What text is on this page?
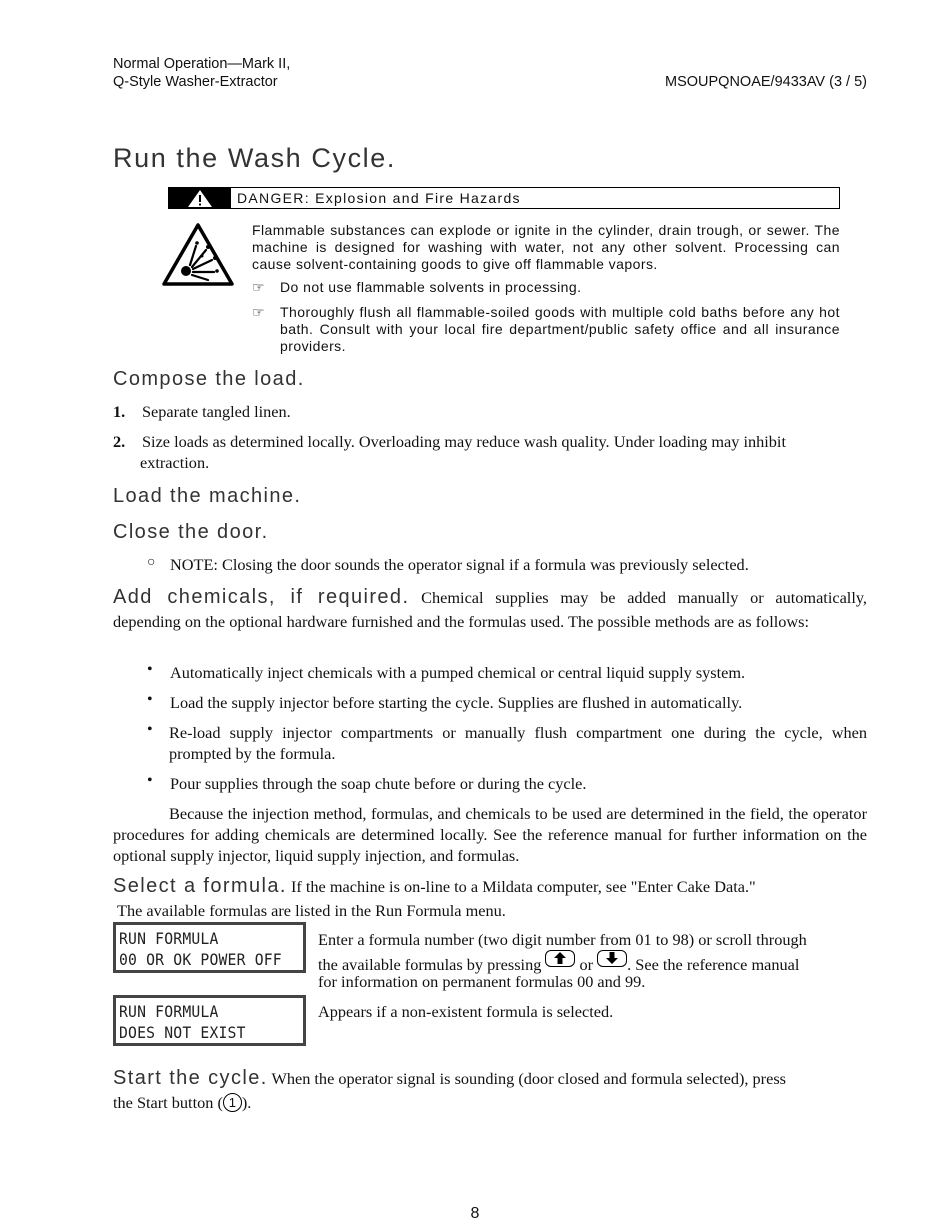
Normal Operation—Mark II,
Q-Style Washer-Extractor	MSOUPQNOAE/9433AV (3 / 5)
Run the Wash Cycle.
DANGER: Explosion and Fire Hazards
Flammable substances can explode or ignite in the cylinder, drain trough, or sewer. The machine is designed for washing with water, not any other solvent. Processing can cause solvent-containing goods to give off flammable vapors.
☞ Do not use flammable solvents in processing.
☞ Thoroughly flush all flammable-soiled goods with multiple cold baths before any hot bath. Consult with your local fire department/public safety office and all insurance providers.
Compose the load.
1. Separate tangled linen.
2. Size loads as determined locally. Overloading may reduce wash quality. Under loading may inhibit
extraction.
Load the machine.
Close the door.
○ NOTE: Closing the door sounds the operator signal if a formula was previously selected.
Add chemicals, if required. Chemical supplies may be added manually or automatically,
depending on the optional hardware furnished and the formulas used. The possible methods are as follows:
• Automatically inject chemicals with a pumped chemical or central liquid supply system.
• Load the supply injector before starting the cycle. Supplies are flushed in automatically.
• Re-load supply injector compartments or manually flush compartment one during the cycle, when prompted by the formula.
• Pour supplies through the soap chute before or during the cycle.
Because the injection method, formulas, and chemicals to be used are determined in the field, the operator procedures for adding chemicals are determined locally. See the reference manual for further information on the optional supply injector, liquid supply injection, and formulas.
Select a formula. If the machine is on-line to a Mildata computer, see "Enter Cake Data."
The available formulas are listed in the Run Formula menu.
RUN FORMULA
00 OR OK POWER OFF
Enter a formula number (two digit number from 01 to 98) or scroll through
the available formulas by pressing or . See the reference manual
for information on permanent formulas 00 and 99.
RUN FORMULA
DOES NOT EXIST
Appears if a non-existent formula is selected.
Start the cycle. When the operator signal is sounding (door closed and formula selected), press
the Start button ( 1 ).
8
